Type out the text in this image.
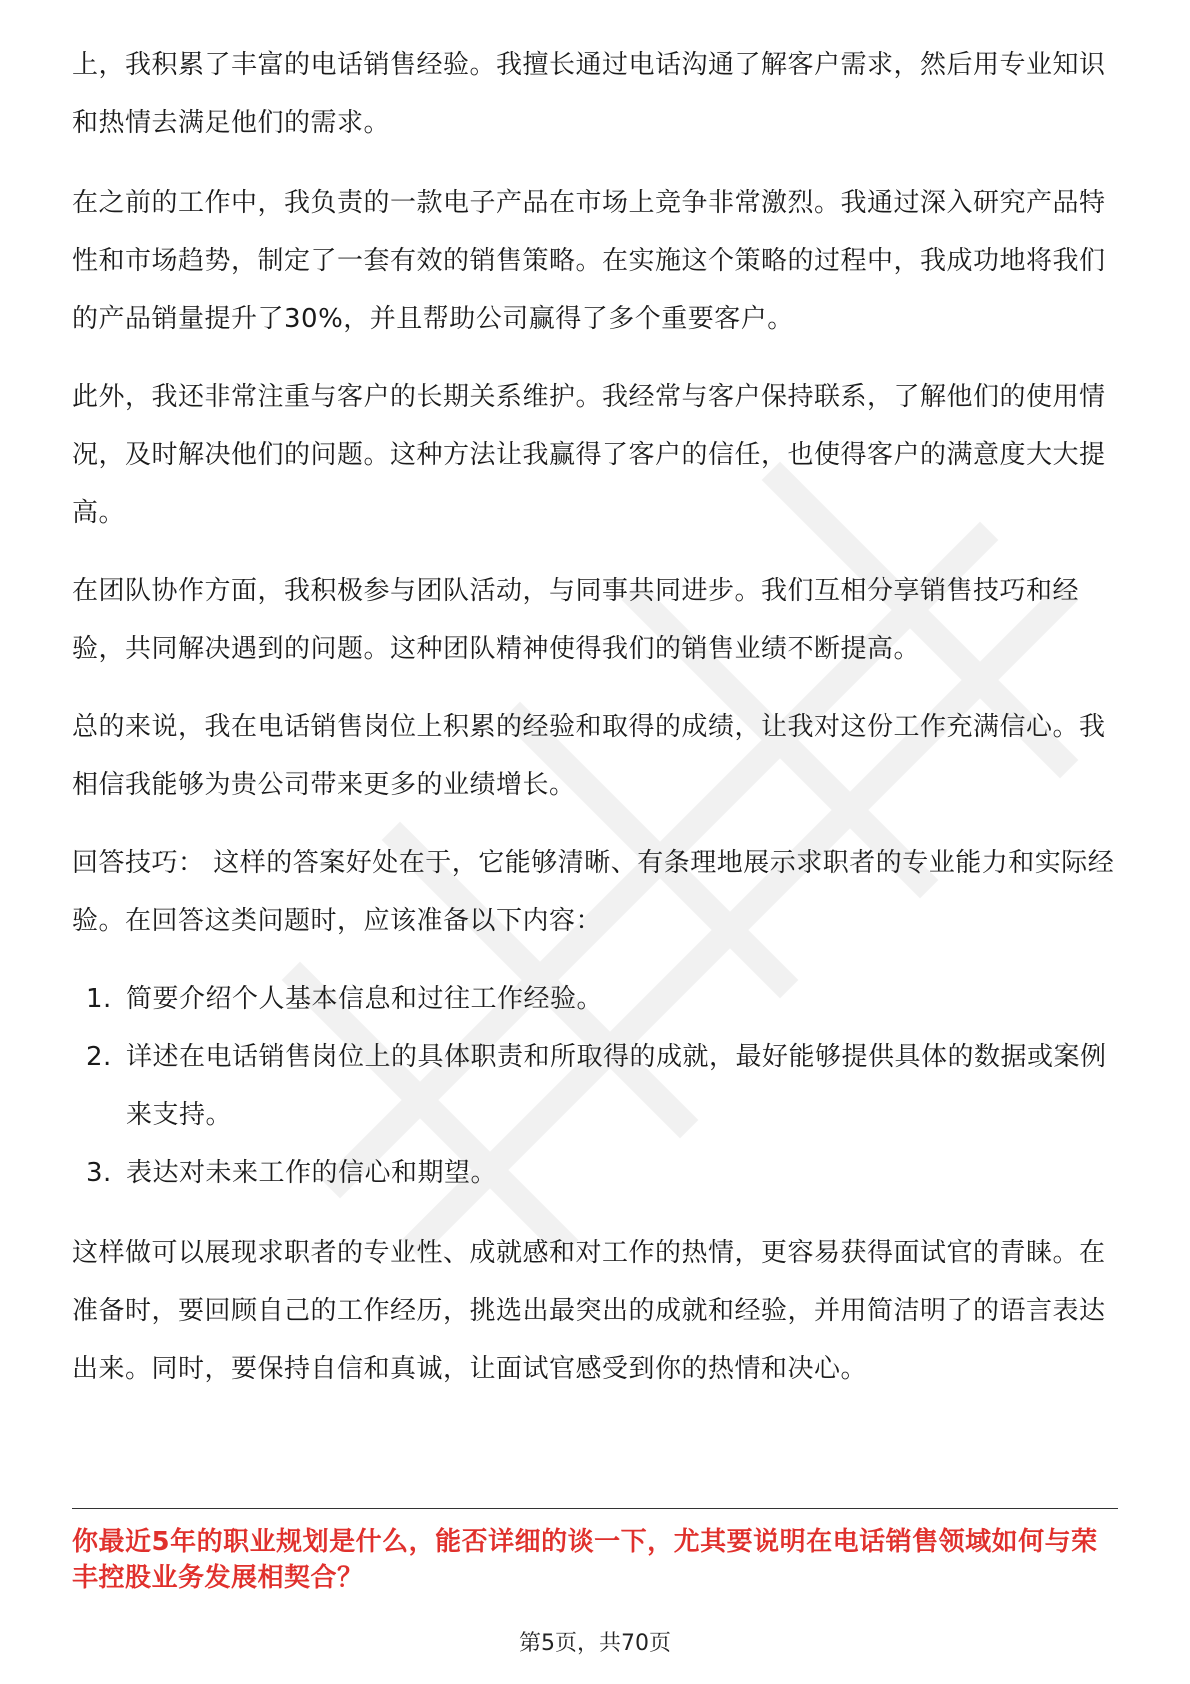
上，我积累了丰富的电话销售经验。我擅长通过电话沟通了解客户需求，然后用专业知识和热情去满足他们的需求。

在之前的工作中，我负责的一款电子产品在市场上竞争非常激烈。我通过深入研究产品特性和市场趋势，制定了一套有效的销售策略。在实施这个策略的过程中，我成功地将我们的产品销量提升了30%，并且帮助公司赢得了多个重要客户。

此外，我还非常注重与客户的长期关系维护。我经常与客户保持联系，了解他们的使用情况，及时解决他们的问题。这种方法让我赢得了客户的信任，也使得客户的满意度大大提高。

在团队协作方面，我积极参与团队活动，与同事共同进步。我们互相分享销售技巧和经验，共同解决遇到的问题。这种团队精神使得我们的销售业绩不断提高。

总的来说，我在电话销售岗位上积累的经验和取得的成绩，让我对这份工作充满信心。我相信我能够为贵公司带来更多的业绩增长。

回答技巧： 这样的答案好处在于，它能够清晰、有条理地展示求职者的专业能力和实际经验。在回答这类问题时，应该准备以下内容：

1. 简要介绍个人基本信息和过往工作经验。
2. 详述在电话销售岗位上的具体职责和所取得的成就，最好能够提供具体的数据或案例来支持。
3. 表达对未来工作的信心和期望。

这样做可以展现求职者的专业性、成就感和对工作的热情，更容易获得面试官的青睐。在准备时，要回顾自己的工作经历，挑选出最突出的成就和经验，并用简洁明了的语言表达出来。同时，要保持自信和真诚，让面试官感受到你的热情和决心。

你最近5年的职业规划是什么，能否详细的谈一下，尤其要说明在电话销售领域如何与荣丰控股业务发展相契合？
第5页，共70页
